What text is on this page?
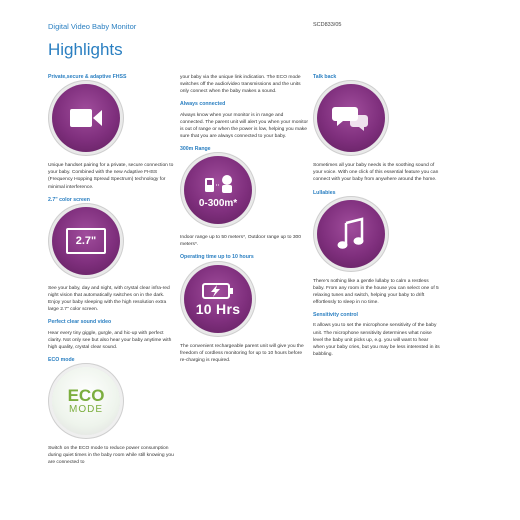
Digital Video Baby Monitor	SCD833/05
Highlights
Private,secure & adaptive FHSS
Unique handset pairing for a private, secure connection to your baby. Combined with the new Adaptive FHSS (Frequency Hopping Spread Spectrum) technology for minimal interference.
2.7" color screen
2.7"
See your baby, day and night, with crystal clear infra-red night vision that automatically switches on in the dark. Enjoy your baby sleeping with the high resolution extra large 2.7" color screen.
Perfect clear sound video
Hear every tiny giggle, gurgle, and hic-up with perfect clarity. Not only see but also hear your baby anytime with high quality, crystal clear sound.
ECO mode
ECO
MODE
Switch on the ECO mode to reduce power consumption during quiet times in the baby room while still knowing you are connected to
your baby via the unique link indication. The ECO mode switches off the audio/video transmissions and the units only connect when the baby makes a sound.
Always connected
Always know when your monitor is in range and connected. The parent unit will alert you when your monitor is out of range or when the power is low, helping you make sure that you are always connected to your baby.
300m Range
0-300m*
Indoor range up to 50 meters*, Outdoor range up to 300 meters*.
Operating time up to 10 hours
10 Hrs
The convenient rechargeable parent unit will give you the freedom of cordless monitoring for up to 10 hours before re-charging is required.
Talk back
Sometimes all your baby needs is the soothing sound of your voice. With one click of this essential feature you can connect with your baby from anywhere around the home.
Lullabies
There's nothing like a gentle lullaby to calm a restless baby. From any room in the house you can select one of 5 relaxing tunes and switch, helping your baby to drift effortlessly to sleep in no time.
Sensitivity control
It allows you to set the microphone sensitivity of the baby unit. The microphone sensitivity determines what noise level the baby unit picks up, e.g. you will want to hear when your baby cries, but you may be less interested in its babbling.
